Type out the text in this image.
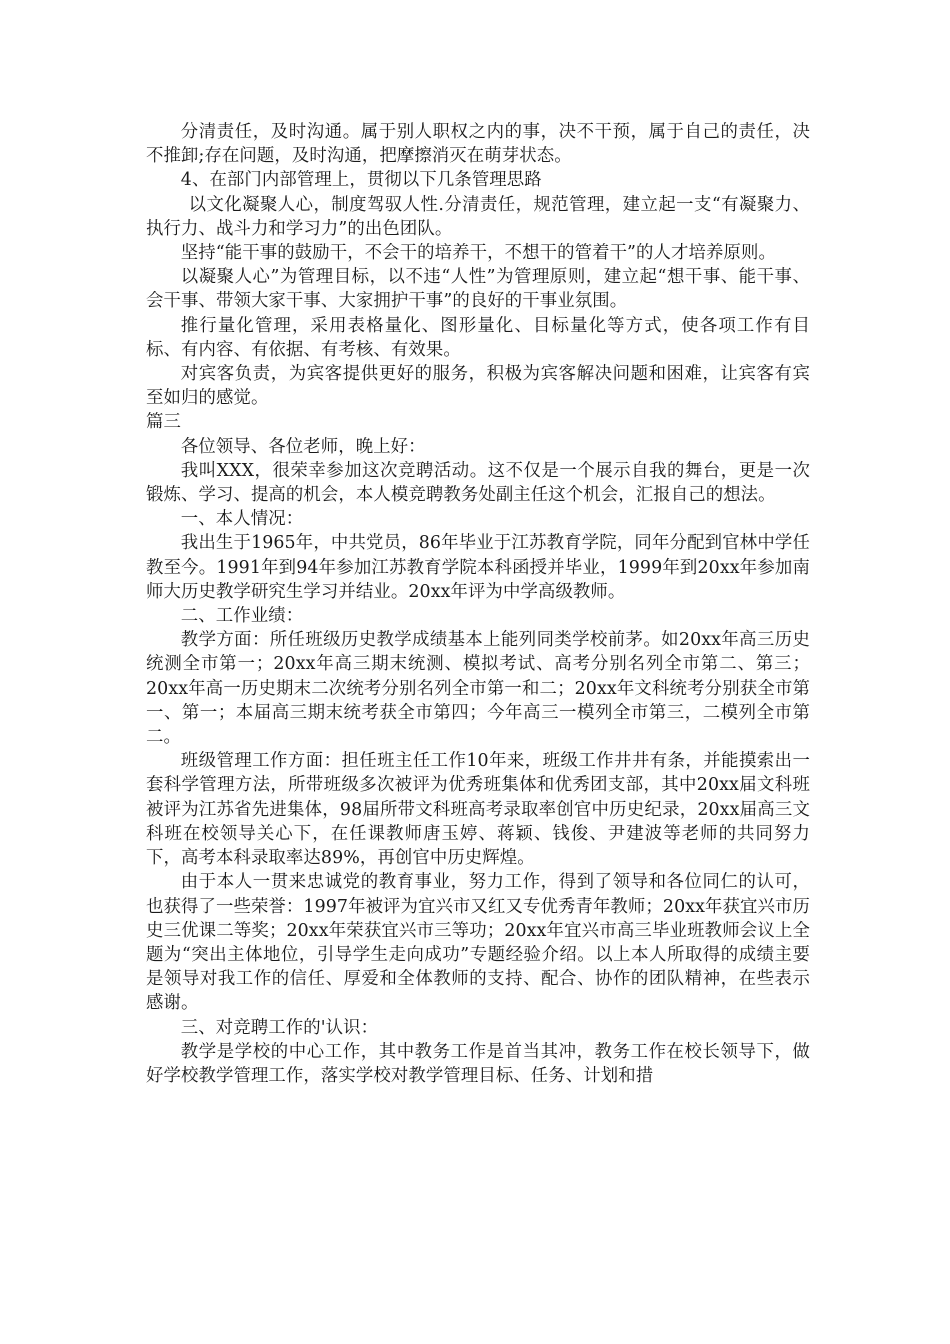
分清责任，及时沟通。属于别人职权之内的事，决不干预，属于自己的责任，决不推卸;存在问题，及时沟通，把摩擦消灭在萌芽状态。

4、在部门内部管理上，贯彻以下几条管理思路

以文化凝聚人心，制度驾驭人性.分清责任，规范管理，建立起一支“有凝聚力、执行力、战斗力和学习力”的出色团队。

坚持“能干事的鼓励干，不会干的培养干，不想干的管着干”的人才培养原则。

以凝聚人心”为管理目标，以不违“人性”为管理原则，建立起“想干事、能干事、会干事、带领大家干事、大家拥护干事”的良好的干事业氛围。

推行量化管理，采用表格量化、图形量化、目标量化等方式，使各项工作有目标、有内容、有依据、有考核、有效果。

对宾客负责，为宾客提供更好的服务，积极为宾客解决问题和困难，让宾客有宾至如归的感觉。

篇三

各位领导、各位老师，晚上好：

我叫XXX，很荣幸参加这次竞聘活动。这不仅是一个展示自我的舞台，更是一次锻炼、学习、提高的机会，本人模竞聘教务处副主任这个机会，汇报自己的想法。

一、本人情况：

我出生于1965年，中共党员，86年毕业于江苏教育学院，同年分配到官林中学任教至今。1991年到94年参加江苏教育学院本科函授并毕业，1999年到20xx年参加南师大历史教学研究生学习并结业。20xx年评为中学高级教师。

二、工作业绩：

教学方面：所任班级历史教学成绩基本上能列同类学校前茅。如20xx年高三历史统测全市第一；20xx年高三期末统测、模拟考试、高考分别名列全市第二、第三；20xx年高一历史期末二次统考分别名列全市第一和二；20xx年文科统考分别获全市第一、第一；本届高三期末统考获全市第四；今年高三一模列全市第三，二模列全市第二。

班级管理工作方面：担任班主任工作10年来，班级工作井井有条，并能摸索出一套科学管理方法，所带班级多次被评为优秀班集体和优秀团支部，其中20xx届文科班被评为江苏省先进集体，98届所带文科班高考录取率创官中历史纪录，20xx届高三文科班在校领导关心下，在任课教师唐玉婷、蒋颖、钱俊、尹建波等老师的共同努力下，高考本科录取率达89%，再创官中历史辉煌。

由于本人一贯来忠诚党的教育事业，努力工作，得到了领导和各位同仁的认可，也获得了一些荣誉：1997年被评为宜兴市又红又专优秀青年教师；20xx年获宜兴市历史三优课二等奖；20xx年荣获宜兴市三等功；20xx年宜兴市高三毕业班教师会议上全题为“突出主体地位，引导学生走向成功”专题经验介绍。以上本人所取得的成绩主要是领导对我工作的信任、厚爱和全体教师的支持、配合、协作的团队精神，在些表示感谢。

三、对竞聘工作的'认识：

教学是学校的中心工作，其中教务工作是首当其冲，教务工作在校长领导下，做好学校教学管理工作，落实学校对教学管理目标、任务、计划和措
